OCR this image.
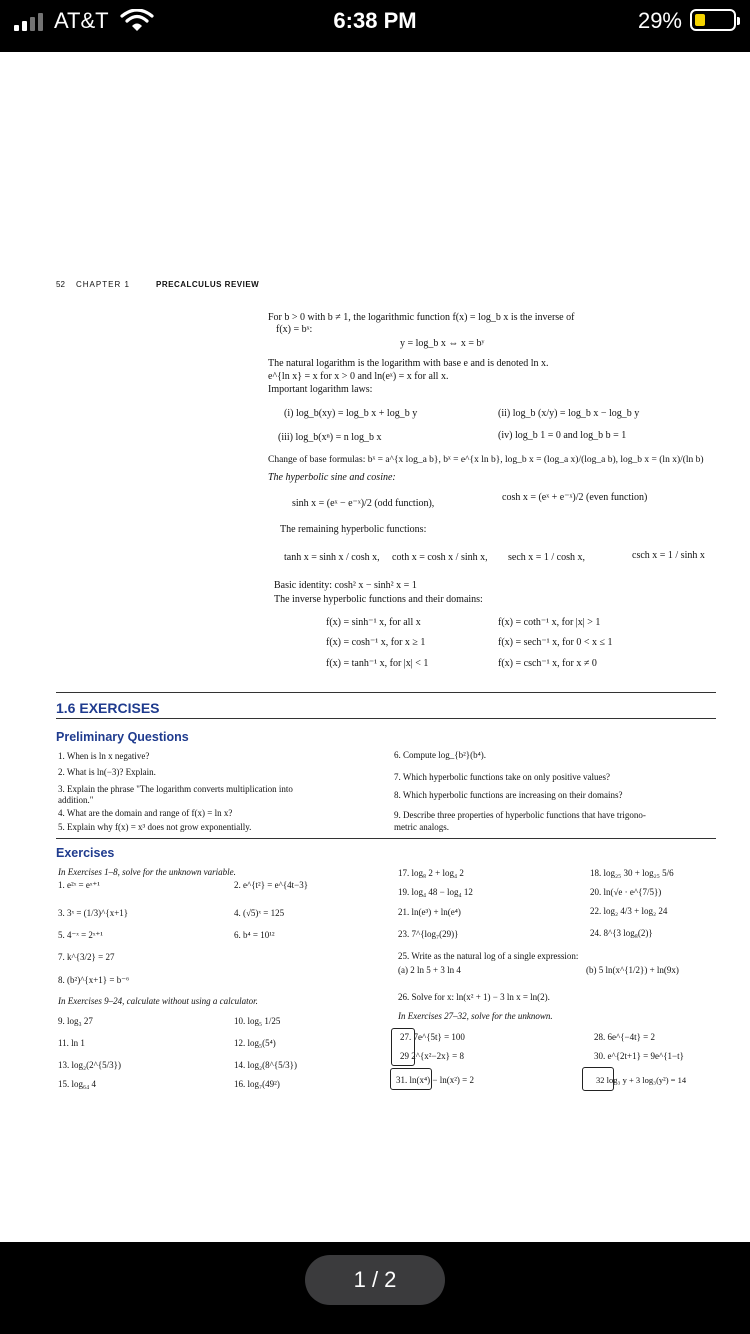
AT&T	6:38 PM	29%
52 CHAPTER 1	PRECALCULUS REVIEW
For b > 0 with b ≠ 1, the logarithmic function f(x) = log_b x is the inverse of
f(x) = bˣ:
y = log_b x ⇔ x = bʸ
The natural logarithm is the logarithm with base e and is denoted ln x.
e^{ln x} = x for x > 0 and ln(eˣ) = x for all x.
Important logarithm laws:
(i) log_b(xy) = log_b x + log_b y	(ii) log_b (x/y) = log_b x − log_b y
(iii) log_b(xⁿ) = n log_b x	(iv) log_b 1 = 0 and log_b b = 1
Change of base formulas: bˣ = a^{x log_a b}, bˣ = e^{x ln b}, log_b x = (log_a x)/(log_a b), log_b x = (ln x)/(ln b)
The hyperbolic sine and cosine:
sinh x = (eˣ − e⁻ˣ)/2 (odd function),
cosh x = (eˣ + e⁻ˣ)/2 (even function)
The remaining hyperbolic functions:
tanh x = sinh x / cosh x, coth x = cosh x / sinh x, sech x = 1 / cosh x,	csch x = 1 / sinh x
Basic identity: cosh² x − sinh² x = 1
The inverse hyperbolic functions and their domains:
f(x) = sinh⁻¹ x, for all x	f(x) = coth⁻¹ x, for |x| > 1
f(x) = cosh⁻¹ x, for x ≥ 1	f(x) = sech⁻¹ x, for 0 < x ≤ 1
f(x) = tanh⁻¹ x, for |x| < 1	f(x) = csch⁻¹ x, for x ≠ 0
1.6 EXERCISES
Preliminary Questions
1. When is ln x negative?
2. What is ln(−3)? Explain.
3. Explain the phrase "The logarithm converts multiplication into
addition."
4. What are the domain and range of f(x) = ln x?
5. Explain why f(x) = x³ does not grow exponentially.
6. Compute log_{b²}(b⁴).
7. Which hyperbolic functions take on only positive values?
8. Which hyperbolic functions are increasing on their domains?
9. Describe three properties of hyperbolic functions that have trigono-
metric analogs.
Exercises
In Exercises 1–8, solve for the unknown variable.
1. e²ˣ = eˣ⁺¹	2. e^{t²} = e^{4t−3}
3. 3ˣ = (1/3)^{x+1}	4. (√5)ˣ = 125
5. 4⁻ˣ = 2ˣ⁺¹	6. b⁴ = 10¹²
7. k^{3/2} = 27
8. (b²)^{x+1} = b⁻⁶
In Exercises 9–24, calculate without using a calculator.
9. log₃ 27	10. log₅ 1/25
11. ln 1	12. log₅(5⁴)
13. log₂(2^{5/3})	14. log₂(8^{5/3})
15. log₆₄ 4	16. log₇(49²)
17. log₈ 2 + log₄ 2	18. log₂₅ 30 + log₂₅ 5/6
19. log₄ 48 − log₄ 12	20. ln(√e · e^{7/5})
21. ln(e³) + ln(e⁴)	22. log₂ 4/3 + log₂ 24
23. 7^{log₇(29)}	24. 8^{3 log₈(2)}
25. Write as the natural log of a single expression:
(a) 2 ln 5 + 3 ln 4	(b) 5 ln(x^{1/2}) + ln(9x)
26. Solve for x: ln(x² + 1) − 3 ln x = ln(2).
In Exercises 27–32, solve for the unknown.
27. 7e^{5t} = 100	28. 6e^{−4t} = 2
29 2^{x²−2x} = 8	30. e^{2t+1} = 9e^{1−t}
31. ln(x⁴) − ln(x²) = 2	32 log₃ y + 3 log₃(y²) = 14
1 / 2
